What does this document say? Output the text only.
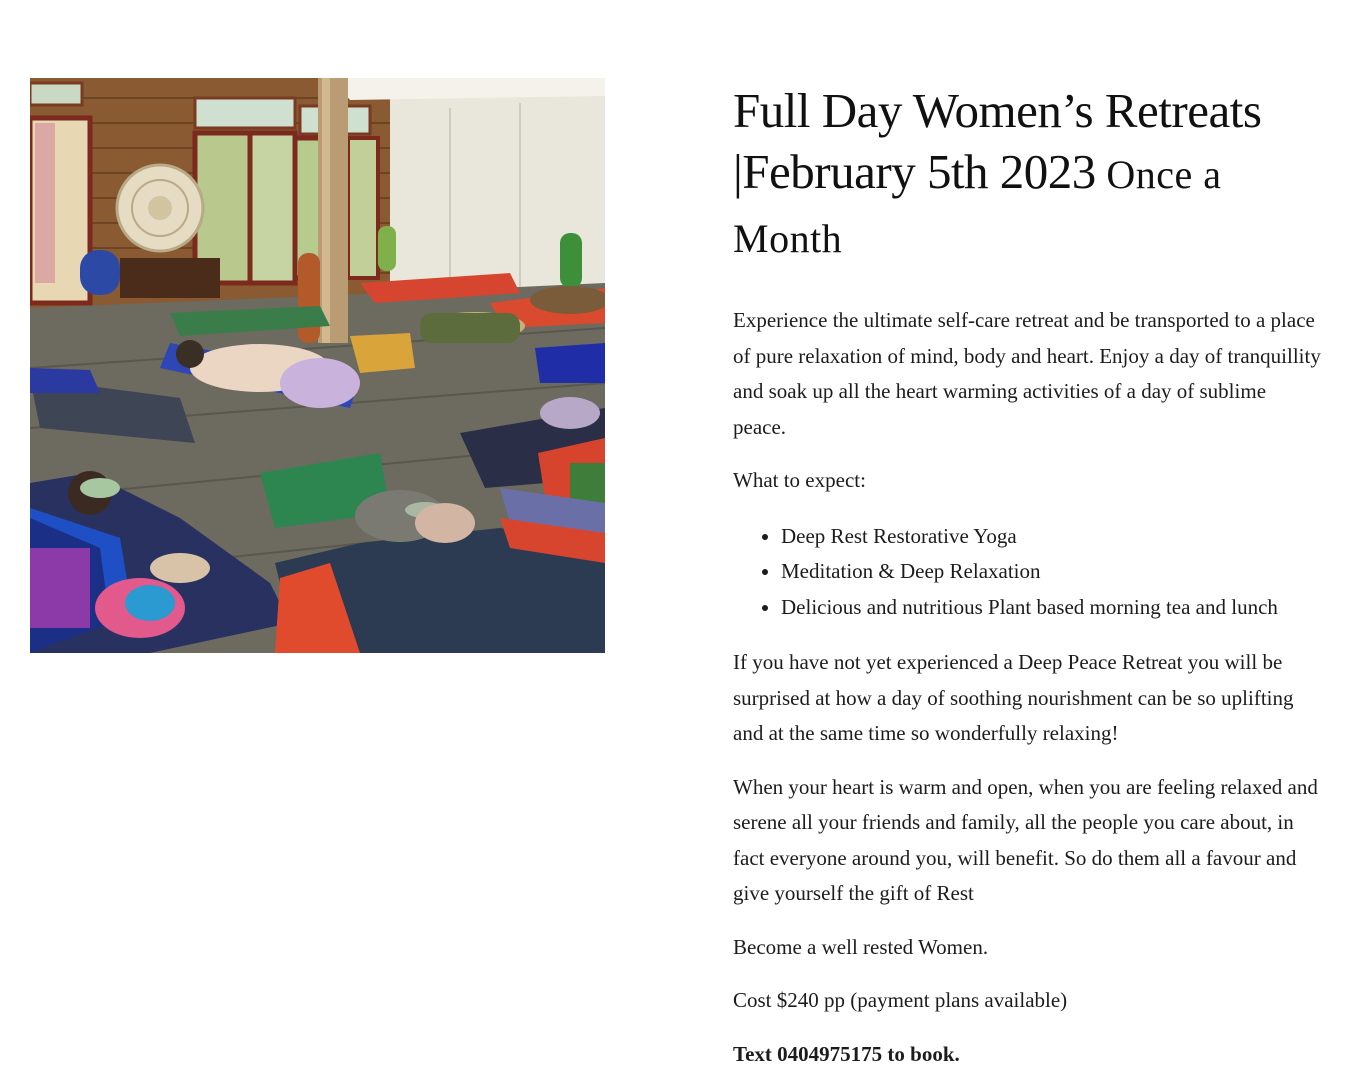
Full Day Women’s Retreats
|February 5th 2023 Once a
Month

Experience the ultimate self-care retreat and be transported to a place of pure relaxation of mind, body and heart. Enjoy a day of tranquillity and soak up all the heart warming activities of a day of sublime peace.

What to expect:

• Deep Rest Restorative Yoga
• Meditation & Deep Relaxation
• Delicious and nutritious Plant based morning tea and lunch

If you have not yet experienced a Deep Peace Retreat you will be surprised at how a day of soothing nourishment can be so uplifting and at the same time so wonderfully relaxing!

When your heart is warm and open, when you are feeling relaxed and serene all your friends and family, all the people you care about, in fact everyone around you, will benefit. So do them all a favour and give yourself the gift of Rest

Become a well rested Women.

Cost $240 pp (payment plans available)

Text 0404975175 to book.
